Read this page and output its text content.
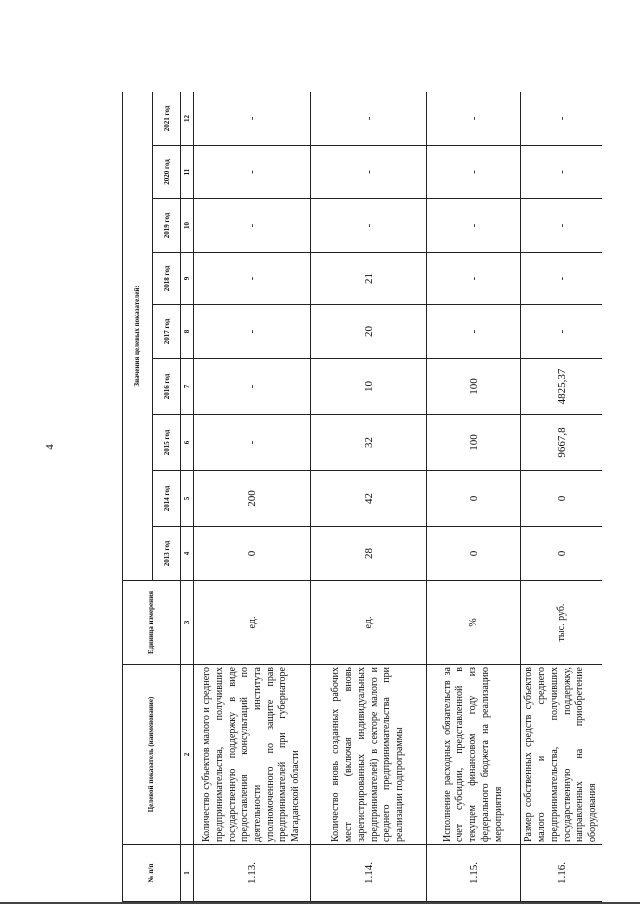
4
№ п/п	Целевой показатель (наименование)	Единица измерения	Значения целевых показателей:								
			2013 год	2014 год	2015 год	2016 год	2017 год	2018 год	2019 год	2020 год	2021 год
1	2	3	4	5	6	7	8	9	10	11	12
1.13.	Количество субъектов малого и среднего предпринимательства, получивших государственную поддержку в виде предоставления консультаций по деятельности института уполномоченного по защите прав предпринимателей при губернаторе Магаданской области	ед.	0	200	-	-	-	-	-	-	-
1.14.	Количество вновь созданных рабочих мест (включая вновь зарегистрированных индивидуальных предпринимателей) в секторе малого и среднего предпринимательства при реализации подпрограммы	ед.	28	42	32	10	20	21	-	-	-
1.15.	Исполнение расходных обязательств за счет субсидии, представленной в текущем финансовом году из федерального бюджета на реализацию мероприятия	%	0	0	100	100	-	-	-	-	-
1.16.	Размер собственных средств субъектов малого и среднего предпринимательства, получивших государственную поддержку, направленных на приобретение оборудования	тыс. руб.	0	0	9667,8	4825,37	-	-	-	-	-
